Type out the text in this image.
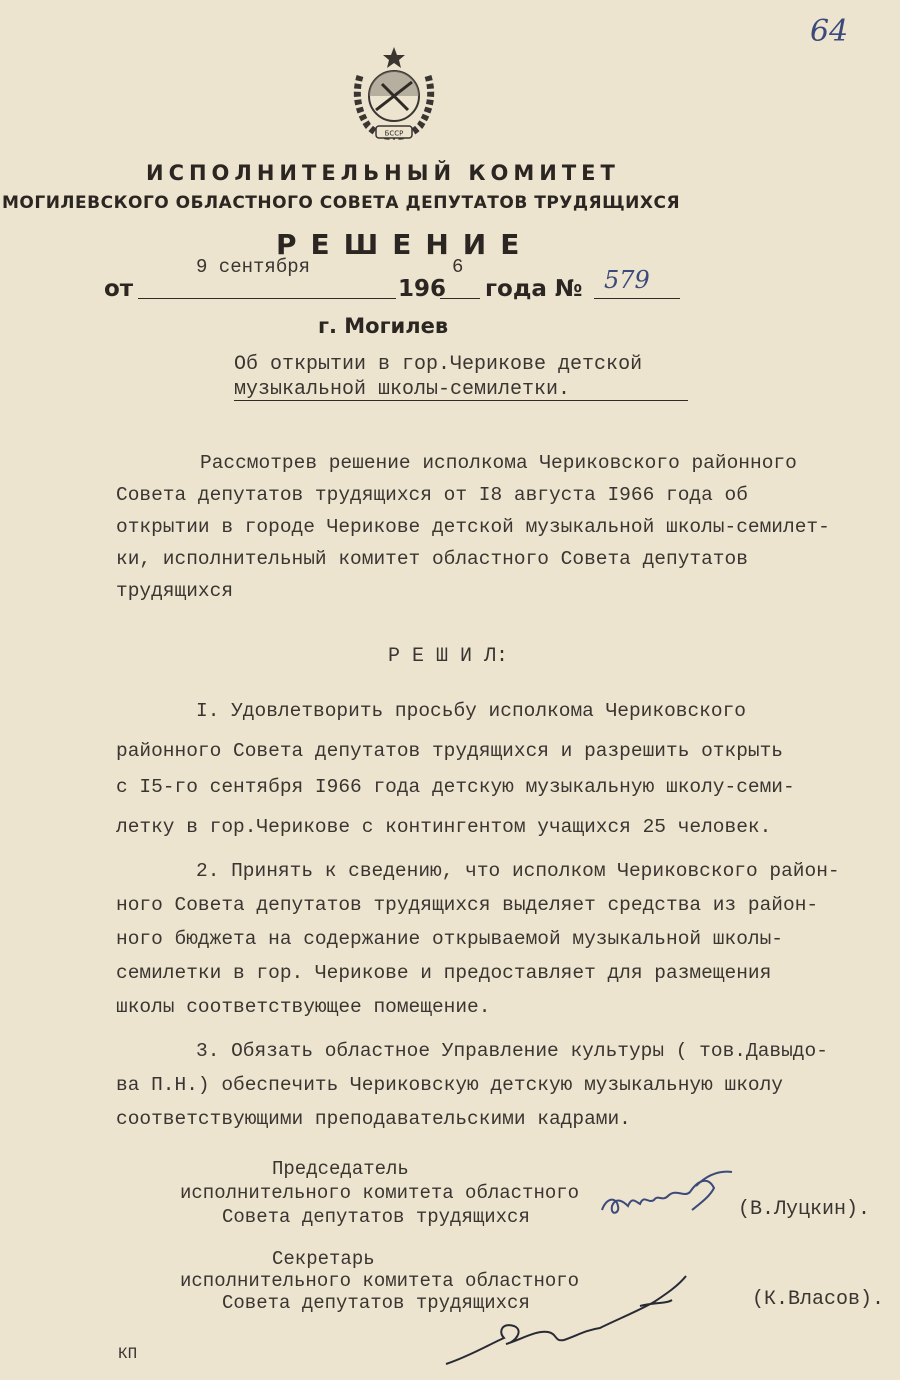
64
БССР
ИСПОЛНИТЕЛЬНЫЙ КОМИТЕТ
МОГИЛЕВСКОГО ОБЛАСТНОГО СОВЕТА ДЕПУТАТОВ ТРУДЯЩИХСЯ
РЕШЕНИЕ
от
9 сентября
196
6
года № 579
г. Могилев
Об открытии в гор.Черикове детской
музыкальной школы-семилетки.
Рассмотрев решение исполкома Чериковского районного
Совета депутатов трудящихся от I8 августа I966 года об
открытии в городе Черикове детской музыкальной школы-семилет-
ки, исполнительный комитет областного Совета депутатов
трудящихся
Р Е Ш И Л:
I. Удовлетворить просьбу исполкома Чериковского
районного Совета депутатов трудящихся и разрешить открыть
с I5-го сентября I966 года детскую музыкальную школу-семи-
летку в гор.Черикове с контингентом учащихся 25 человек.
2. Принять к сведению, что исполком Чериковского район-
ного Совета депутатов трудящихся выделяет средства из район-
ного бюджета на содержание открываемой музыкальной школы-
семилетки в гор. Черикове и предоставляет для размещения
школы соответствующее помещение.
3. Обязать областное Управление культуры ( тов.Давыдо-
ва П.Н.) обеспечить Чериковскую детскую музыкальную школу
соответствующими преподавательскими кадрами.
Председатель
исполнительного комитета областного
Совета депутатов трудящихся	(В.Луцкин).
Секретарь
исполнительного комитета областного
Совета депутатов трудящихся	(К.Власов).
КП
